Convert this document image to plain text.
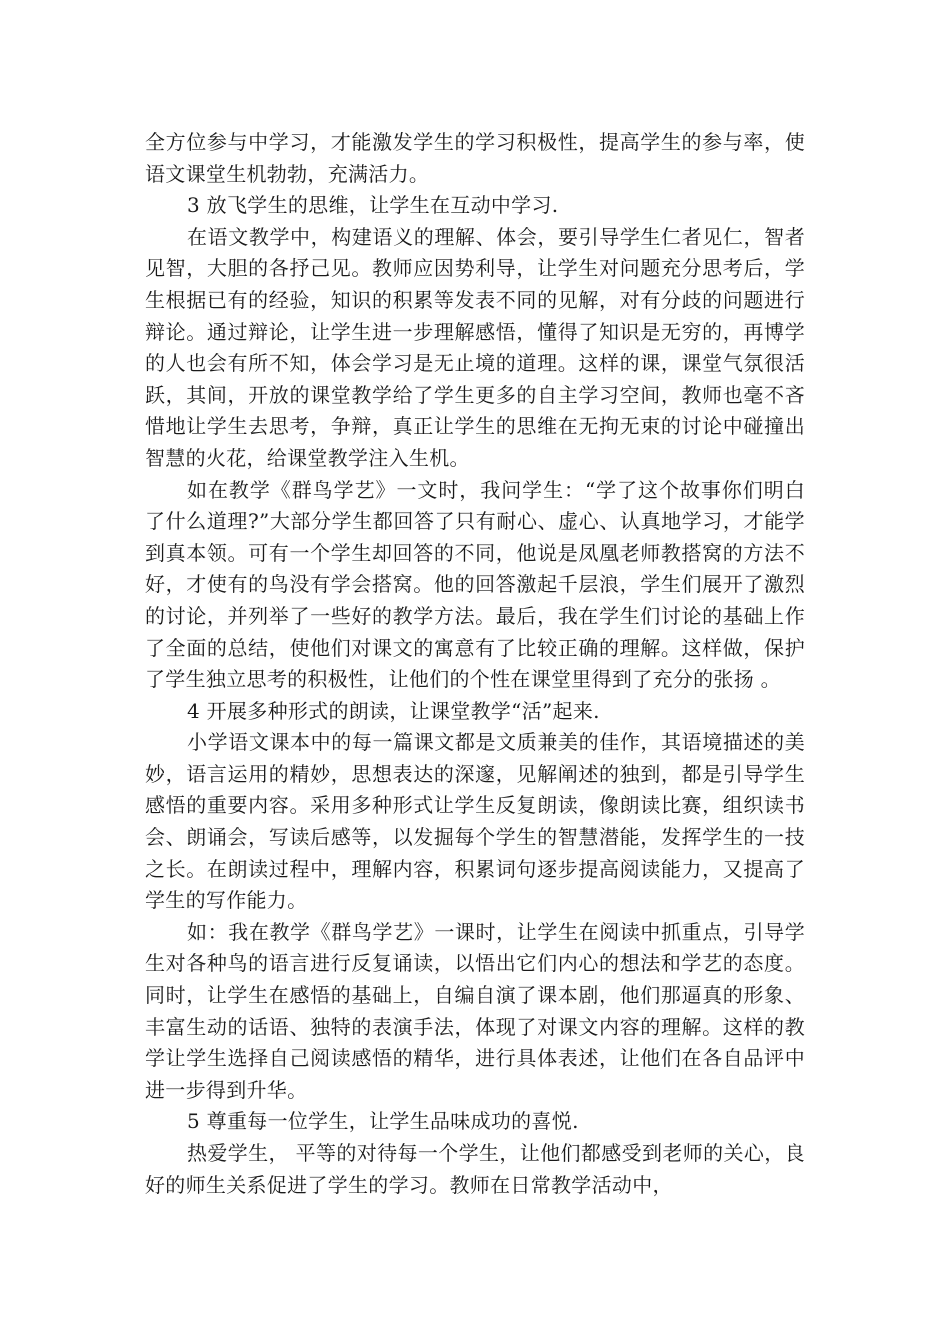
全方位参与中学习，才能激发学生的学习积极性，提高学生的参与率，使语文课堂生机勃勃，充满活力。

3 放飞学生的思维，让学生在互动中学习.

在语文教学中，构建语义的理解、体会，要引导学生仁者见仁，智者见智，大胆的各抒己见。教师应因势利导，让学生对问题充分思考后，学生根据已有的经验，知识的积累等发表不同的见解，对有分歧的问题进行辩论。通过辩论，让学生进一步理解感悟，懂得了知识是无穷的，再博学的人也会有所不知，体会学习是无止境的道理。这样的课，课堂气氛很活跃，其间，开放的课堂教学给了学生更多的自主学习空间，教师也毫不吝惜地让学生去思考，争辩，真正让学生的思维在无拘无束的讨论中碰撞出智慧的火花，给课堂教学注入生机。

如在教学《群鸟学艺》一文时，我问学生：“学了这个故事你们明白了什么道理?”大部分学生都回答了只有耐心、虚心、认真地学习，才能学到真本领。可有一个学生却回答的不同，他说是凤凰老师教搭窝的方法不好，才使有的鸟没有学会搭窝。他的回答激起千层浪，学生们展开了激烈的讨论，并列举了一些好的教学方法。最后，我在学生们讨论的基础上作了全面的总结，使他们对课文的寓意有了比较正确的理解。这样做，保护了学生独立思考的积极性，让他们的个性在课堂里得到了充分的张扬 。

4 开展多种形式的朗读，让课堂教学“活”起来.

小学语文课本中的每一篇课文都是文质兼美的佳作，其语境描述的美妙，语言运用的精妙，思想表达的深邃，见解阐述的独到，都是引导学生感悟的重要内容。采用多种形式让学生反复朗读，像朗读比赛，组织读书会、朗诵会，写读后感等，以发掘每个学生的智慧潜能，发挥学生的一技之长。在朗读过程中，理解内容，积累词句逐步提高阅读能力，又提高了学生的写作能力。

如：我在教学《群鸟学艺》一课时，让学生在阅读中抓重点，引导学生对各种鸟的语言进行反复诵读，以悟出它们内心的想法和学艺的态度。同时，让学生在感悟的基础上，自编自演了课本剧，他们那逼真的形象、丰富生动的话语、独特的表演手法，体现了对课文内容的理解。这样的教学让学生选择自己阅读感悟的精华，进行具体表述，让他们在各自品评中进一步得到升华。

5 尊重每一位学生，让学生品味成功的喜悦.

热爱学生， 平等的对待每一个学生，让他们都感受到老师的关心，良好的师生关系促进了学生的学习。教师在日常教学活动中，
